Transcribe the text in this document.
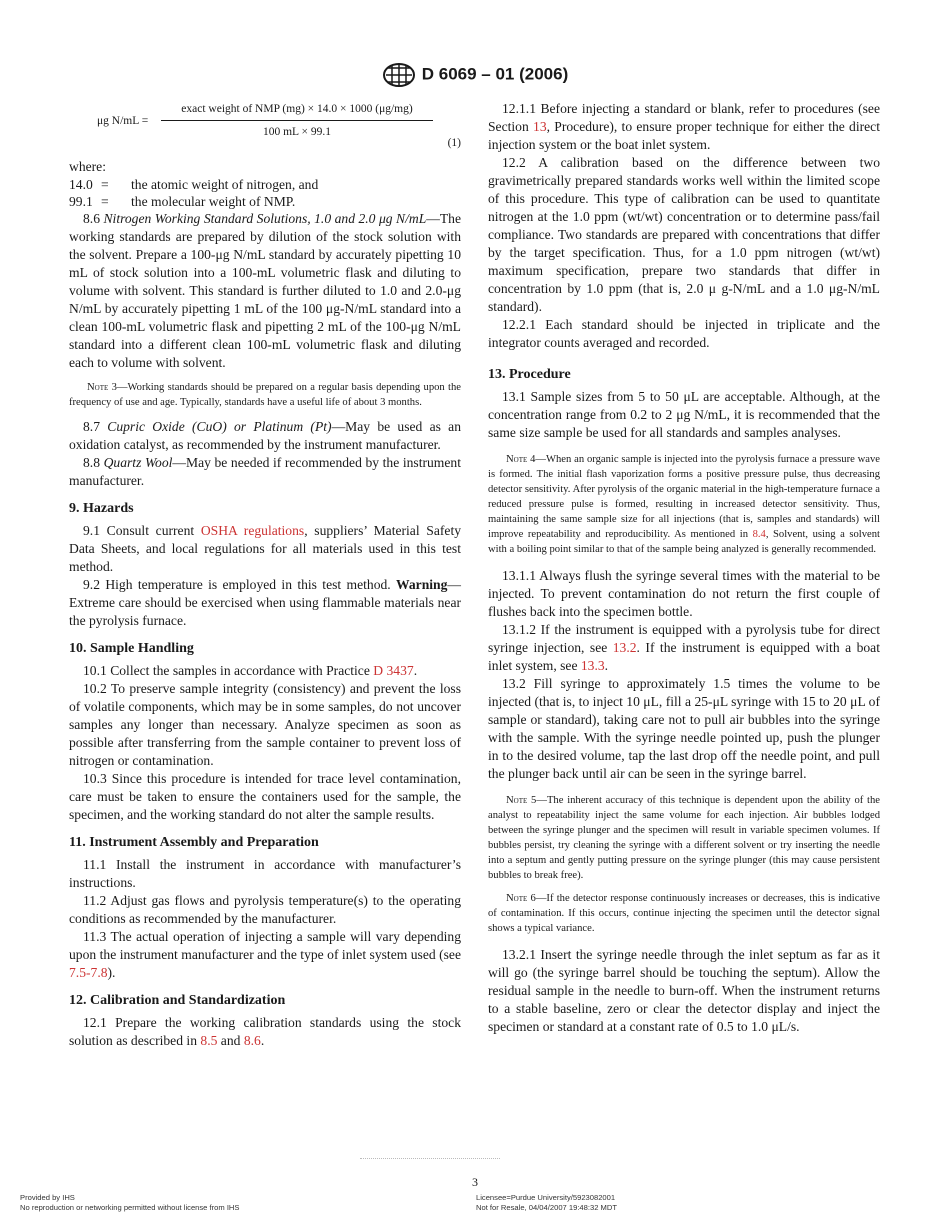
D 6069 – 01 (2006)
μg N/mL =
exact weight of NMP (mg) × 14.0 × 1000 (μg/mg)
100 mL × 99.1
(1)
where:
14.0 =	the atomic weight of nitrogen, and
99.1 =	the molecular weight of NMP.

8.6 Nitrogen Working Standard Solutions, 1.0 and 2.0 μg N/mL—The working standards are prepared by dilution of the stock solution with the solvent. Prepare a 100-μg N/mL standard by accurately pipetting 10 mL of stock solution into a 100-mL volumetric flask and diluting to volume with solvent. This standard is further diluted to 1.0 and 2.0-μg N/mL by accurately pipetting 1 mL of the 100 μg-N/mL standard into a clean 100-mL volumetric flask and pipetting 2 mL of the 100-μg N/mL standard into a different clean 100-mL volumetric flask and diluting each to volume with solvent.

Note 3—Working standards should be prepared on a regular basis depending upon the frequency of use and age. Typically, standards have a useful life of about 3 months.

8.7 Cupric Oxide (CuO) or Platinum (Pt)—May be used as an oxidation catalyst, as recommended by the instrument manufacturer.

8.8 Quartz Wool—May be needed if recommended by the instrument manufacturer.

9. Hazards

9.1 Consult current OSHA regulations, suppliers’ Material Safety Data Sheets, and local regulations for all materials used in this test method.

9.2 High temperature is employed in this test method. Warning—Extreme care should be exercised when using flammable materials near the pyrolysis furnace.

10. Sample Handling

10.1 Collect the samples in accordance with Practice D 3437.

10.2 To preserve sample integrity (consistency) and prevent the loss of volatile components, which may be in some samples, do not uncover samples any longer than necessary. Analyze specimen as soon as possible after transferring from the sample container to prevent loss of nitrogen or contamination.

10.3 Since this procedure is intended for trace level contamination, care must be taken to ensure the containers used for the sample, the specimen, and the working standard do not alter the sample results.

11. Instrument Assembly and Preparation

11.1 Install the instrument in accordance with manufacturer’s instructions.

11.2 Adjust gas flows and pyrolysis temperature(s) to the operating conditions as recommended by the manufacturer.

11.3 The actual operation of injecting a sample will vary depending upon the instrument manufacturer and the type of inlet system used (see 7.5-7.8).

12. Calibration and Standardization

12.1 Prepare the working calibration standards using the stock solution as described in 8.5 and 8.6.

12.1.1 Before injecting a standard or blank, refer to procedures (see Section 13, Procedure), to ensure proper technique for either the direct injection system or the boat inlet system.

12.2 A calibration based on the difference between two gravimetrically prepared standards works well within the limited scope of this procedure. This type of calibration can be used to quantitate nitrogen at the 1.0 ppm (wt/wt) concentration or to determine pass/fail compliance. Two standards are prepared with concentrations that differ by the target specification. Thus, for a 1.0 ppm nitrogen (wt/wt) maximum specification, prepare two standards that differ in concentration by 1.0 ppm (that is, 2.0 μ g-N/mL and a 1.0 μg-N/mL standard).

12.2.1 Each standard should be injected in triplicate and the integrator counts averaged and recorded.

13. Procedure

13.1 Sample sizes from 5 to 50 μL are acceptable. Although, at the concentration range from 0.2 to 2 μg N/mL, it is recommended that the same size sample be used for all standards and samples analyses.

Note 4—When an organic sample is injected into the pyrolysis furnace a pressure wave is formed. The initial flash vaporization forms a positive pressure pulse, thus decreasing detector sensitivity. After pyrolysis of the organic material in the high-temperature furnace a reduced pressure pulse is formed, resulting in increased detector sensitivity. Thus, maintaining the same sample size for all injections (that is, samples and standards) will improve repeatability and reproducibility. As mentioned in 8.4, Solvent, using a solvent with a boiling point similar to that of the sample being analyzed is generally recommended.

13.1.1 Always flush the syringe several times with the material to be injected. To prevent contamination do not return the first couple of flushes back into the specimen bottle.

13.1.2 If the instrument is equipped with a pyrolysis tube for direct syringe injection, see 13.2. If the instrument is equipped with a boat inlet system, see 13.3.

13.2 Fill syringe to approximately 1.5 times the volume to be injected (that is, to inject 10 μL, fill a 25-μL syringe with 15 to 20 μL of sample or standard), taking care not to pull air bubbles into the syringe with the sample. With the syringe needle pointed up, push the plunger in to the desired volume, tap the last drop off the needle point, and pull the plunger back until air can be seen in the syringe barrel.

Note 5—The inherent accuracy of this technique is dependent upon the ability of the analyst to repeatability inject the same volume for each injection. Air bubbles lodged between the syringe plunger and the specimen will result in variable specimen volumes. If bubbles persist, try cleaning the syringe with a different solvent or try inserting the needle into a septum and gently putting pressure on the syringe plunger (this may cause persistent bubbles to break free).
Note 6—If the detector response continuously increases or decreases, this is indicative of contamination. If this occurs, continue injecting the specimen until the detector signal shows a typical variance.

13.2.1 Insert the syringe needle through the inlet septum as far as it will go (the syringe barrel should be touching the septum). Allow the residual sample in the needle to burn-off. When the instrument returns to a stable baseline, zero or clear the detector display and inject the specimen or standard at a constant rate of 0.5 to 1.0 μL/s.

3
Provided by IHS
No reproduction or networking permitted without license from IHS
Licensee=Purdue University/5923082001
Not for Resale, 04/04/2007 19:48:32 MDT
